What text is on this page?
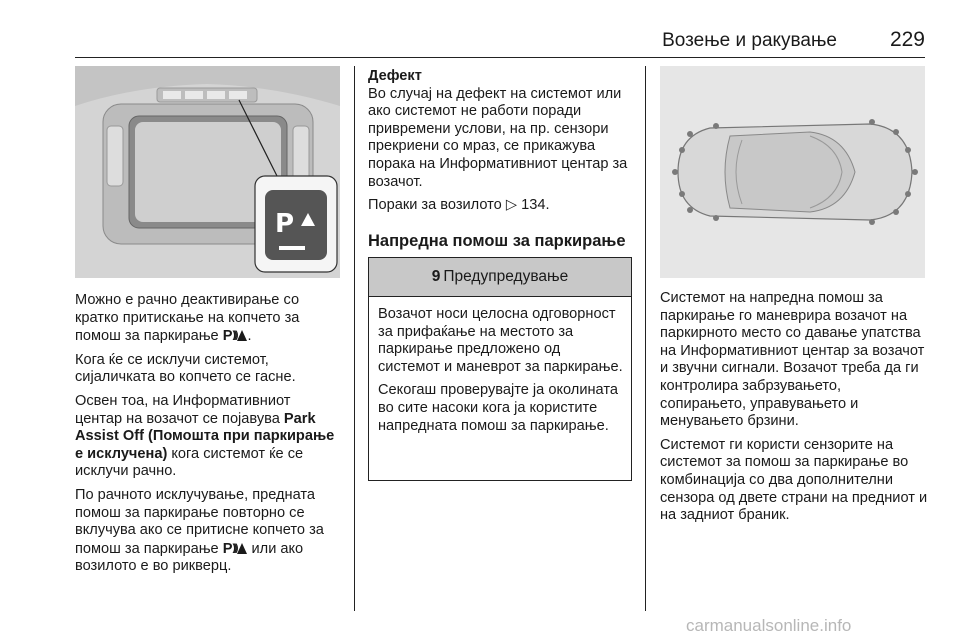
Возење и ракување	229
P

Можно е рачно деактивирање со кратко притискање на копчето за помош за паркирање P))) .

Кога ќе се исклучи системот, сијаличката во копчето се гасне.

Освен тоа, на Информативниот центар на возачот се појавува Park Assist Off (Помошта при паркирање е исклучена) кога системот ќе се исклучи рачно.

По рачното исклучување, предната помош за паркирање повторно се вклучува ако се притисне копчето за помош за паркирање P))) или ако возилото е во рикверц.

Дефект

Во случај на дефект на системот или ако системот не работи поради привремени услови, на пр. сензори прекриени со мраз, се прикажува порака на Информативниот центар за возачот.

Пораки за возилото ▷ 134.

Напредна помош за паркирање
9 Предупредување

Возачот носи целосна одговорност за прифаќање на местото за паркирање предложено од системот и маневрот за паркирање.

Секогаш проверувајте ја околината во сите насоки кога ја користите напредната помош за паркирање.

Системот на напредна помош за паркирање го маневрира возачот на паркирното место со давање упатства на Информативниот центар за возачот и звучни сигнали. Возачот треба да ги контролира забрзувањето, сопирањето, управувањето и менувањето брзини.

Системот ги користи сензорите на системот за помош за паркирање во комбинација со два дополнителни сензора од двете страни на предниот и на задниот браник.

carmanualsonline.info
